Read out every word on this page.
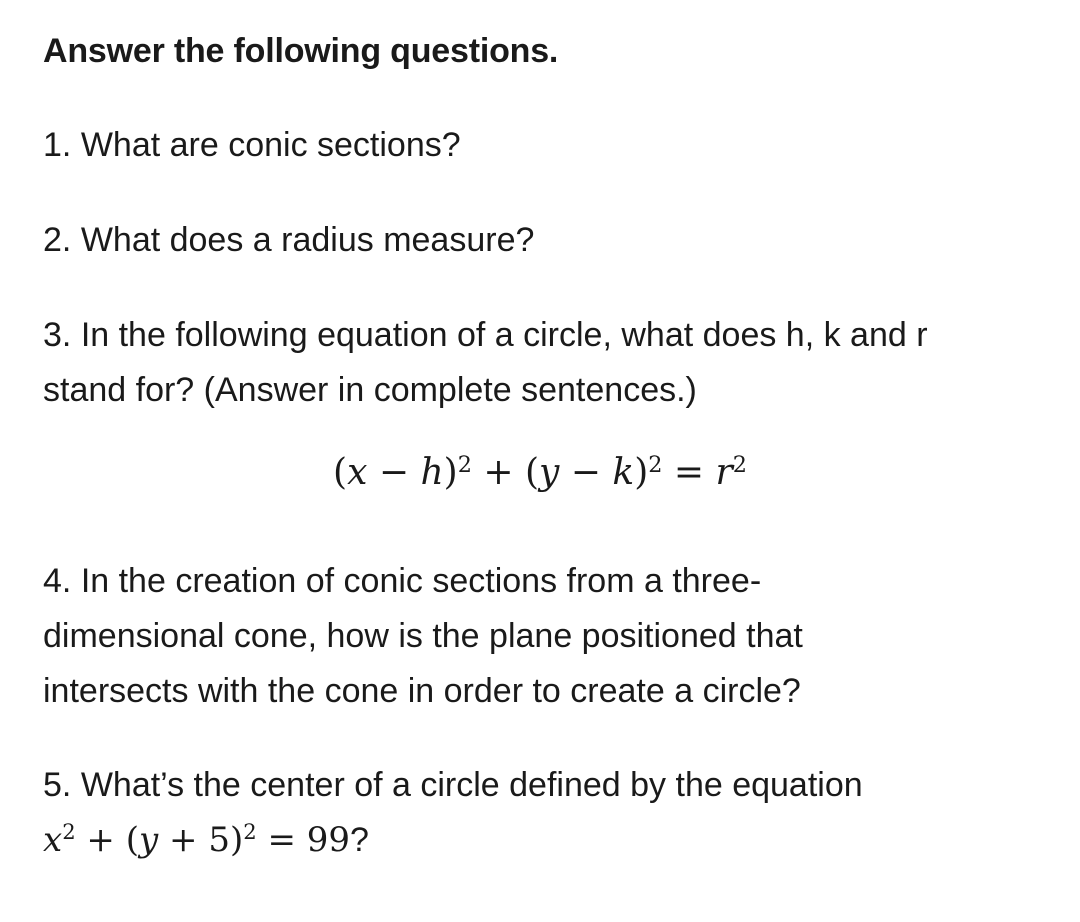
Answer the following questions.
1. What are conic sections?
2. What does a radius measure?
3. In the following equation of a circle, what does h, k and r
stand for? (Answer in complete sentences.)
$(x - h)^2 + (y - k)^2 = r^2$
4. In the creation of conic sections from a three-
dimensional cone, how is the plane positioned that
intersects with the cone in order to create a circle?
5. What’s the center of a circle defined by the equation
$x^2 + (y + 5)^2 = 99$?
